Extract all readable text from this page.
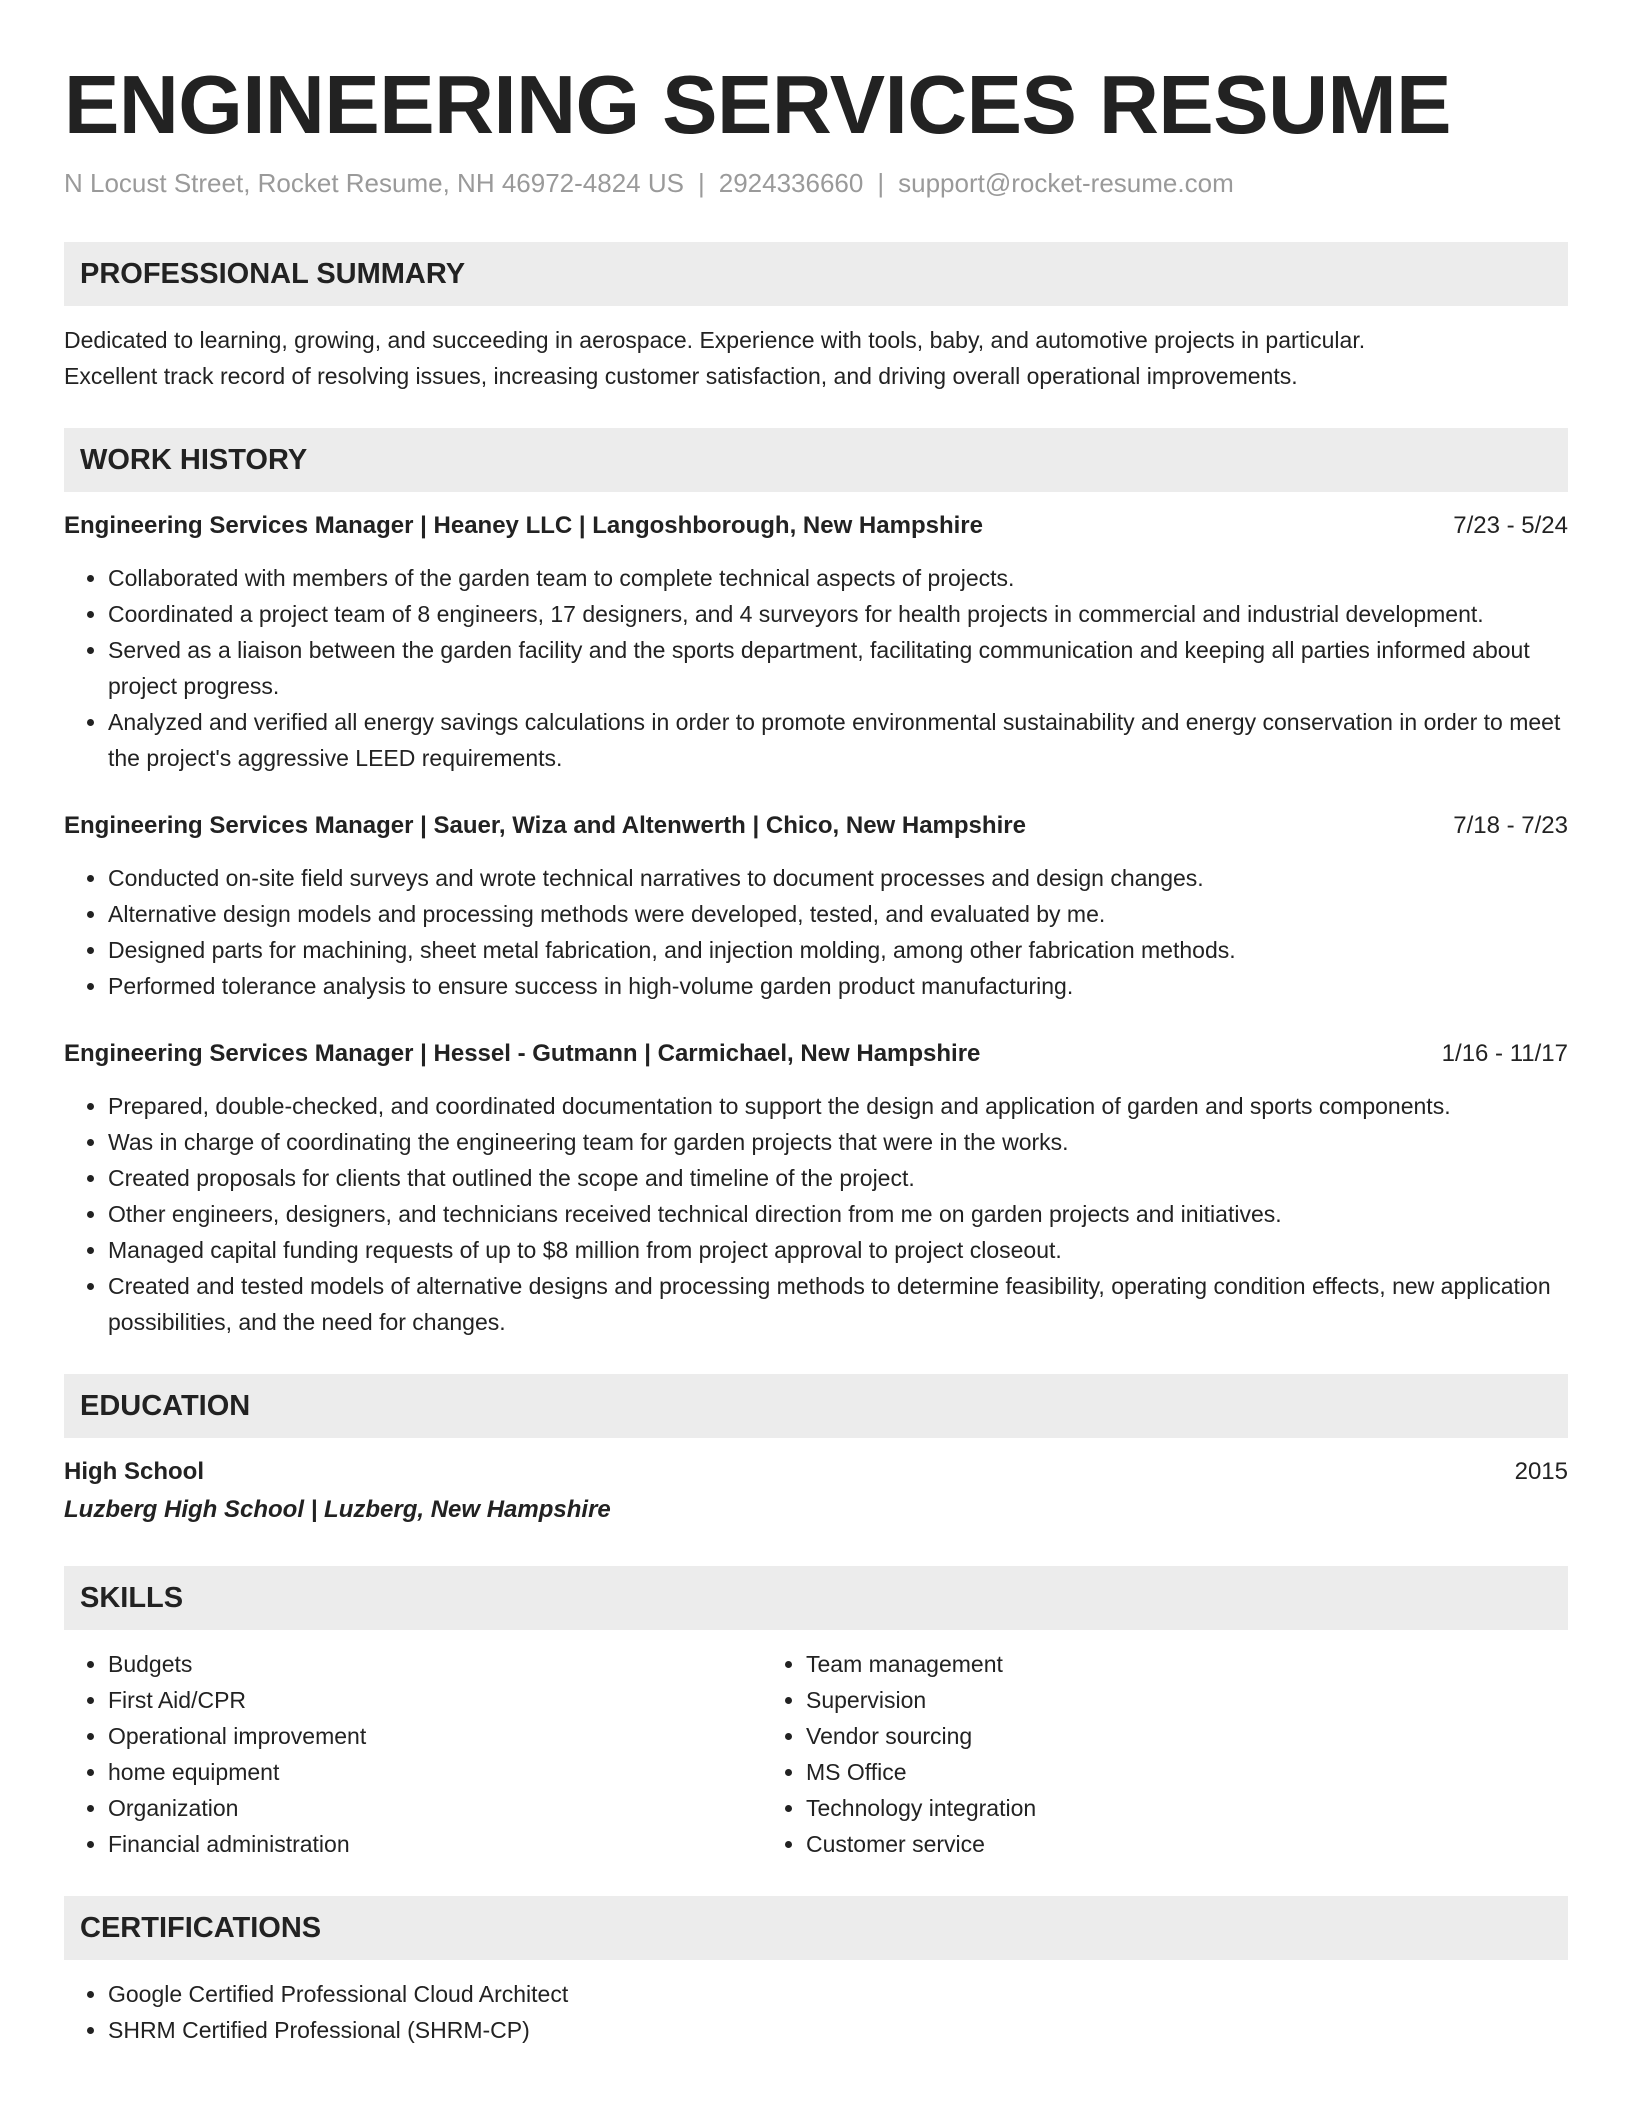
ENGINEERING SERVICES RESUME
N Locust Street, Rocket Resume, NH 46972-4824 US | 2924336660 | support@rocket-resume.com
PROFESSIONAL SUMMARY
Dedicated to learning, growing, and succeeding in aerospace. Experience with tools, baby, and automotive projects in particular.
Excellent track record of resolving issues, increasing customer satisfaction, and driving overall operational improvements.
WORK HISTORY
Engineering Services Manager | Heaney LLC | Langoshborough, New Hampshire	7/23 - 5/24
• Collaborated with members of the garden team to complete technical aspects of projects.
• Coordinated a project team of 8 engineers, 17 designers, and 4 surveyors for health projects in commercial and industrial development.
• Served as a liaison between the garden facility and the sports department, facilitating communication and keeping all parties informed about project progress.
• Analyzed and verified all energy savings calculations in order to promote environmental sustainability and energy conservation in order to meet the project's aggressive LEED requirements.
Engineering Services Manager | Sauer, Wiza and Altenwerth | Chico, New Hampshire	7/18 - 7/23
• Conducted on-site field surveys and wrote technical narratives to document processes and design changes.
• Alternative design models and processing methods were developed, tested, and evaluated by me.
• Designed parts for machining, sheet metal fabrication, and injection molding, among other fabrication methods.
• Performed tolerance analysis to ensure success in high-volume garden product manufacturing.
Engineering Services Manager | Hessel - Gutmann | Carmichael, New Hampshire	1/16 - 11/17
• Prepared, double-checked, and coordinated documentation to support the design and application of garden and sports components.
• Was in charge of coordinating the engineering team for garden projects that were in the works.
• Created proposals for clients that outlined the scope and timeline of the project.
• Other engineers, designers, and technicians received technical direction from me on garden projects and initiatives.
• Managed capital funding requests of up to $8 million from project approval to project closeout.
• Created and tested models of alternative designs and processing methods to determine feasibility, operating condition effects, new application possibilities, and the need for changes.
EDUCATION
High School	2015
Luzberg High School | Luzberg, New Hampshire
SKILLS
• Budgets
• First Aid/CPR
• Operational improvement
• home equipment
• Organization
• Financial administration
• Team management
• Supervision
• Vendor sourcing
• MS Office
• Technology integration
• Customer service
CERTIFICATIONS
• Google Certified Professional Cloud Architect
• SHRM Certified Professional (SHRM-CP)
